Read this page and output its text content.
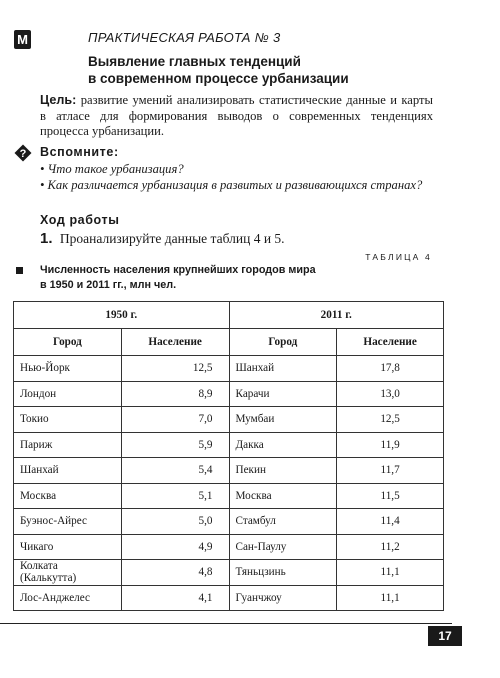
М	ПРАКТИЧЕСКАЯ РАБОТА № 3
Выявление главных тенденций
в современном процессе урбанизации
Цель: развитие умений анализировать статистические данные и карты в атласе для формирования выводов о современных тенденциях процесса урбанизации.
? Вспомните:
• Что такое урбанизация?
• Как различается урбанизация в развитых и развивающихся странах?
Ход работы
1. Проанализируйте данные таблиц 4 и 5.
ТАБЛИЦА 4
Численность населения крупнейших городов мира
в 1950 и 2011 гг., млн чел.
1950 г.		2011 г.	
Город	Население	Город	Население
Нью-Йорк	12,5	Шанхай	17,8
Лондон	8,9	Карачи	13,0
Токио	7,0	Мумбаи	12,5
Париж	5,9	Дакка	11,9
Шанхай	5,4	Пекин	11,7
Москва	5,1	Москва	11,5
Буэнос-Айрес	5,0	Стамбул	11,4
Чикаго	4,9	Сан-Паулу	11,2
Колката (Калькутта)	4,8	Тяньцзинь	11,1
Лос-Анджелес	4,1	Гуанчжоу	11,1
17
